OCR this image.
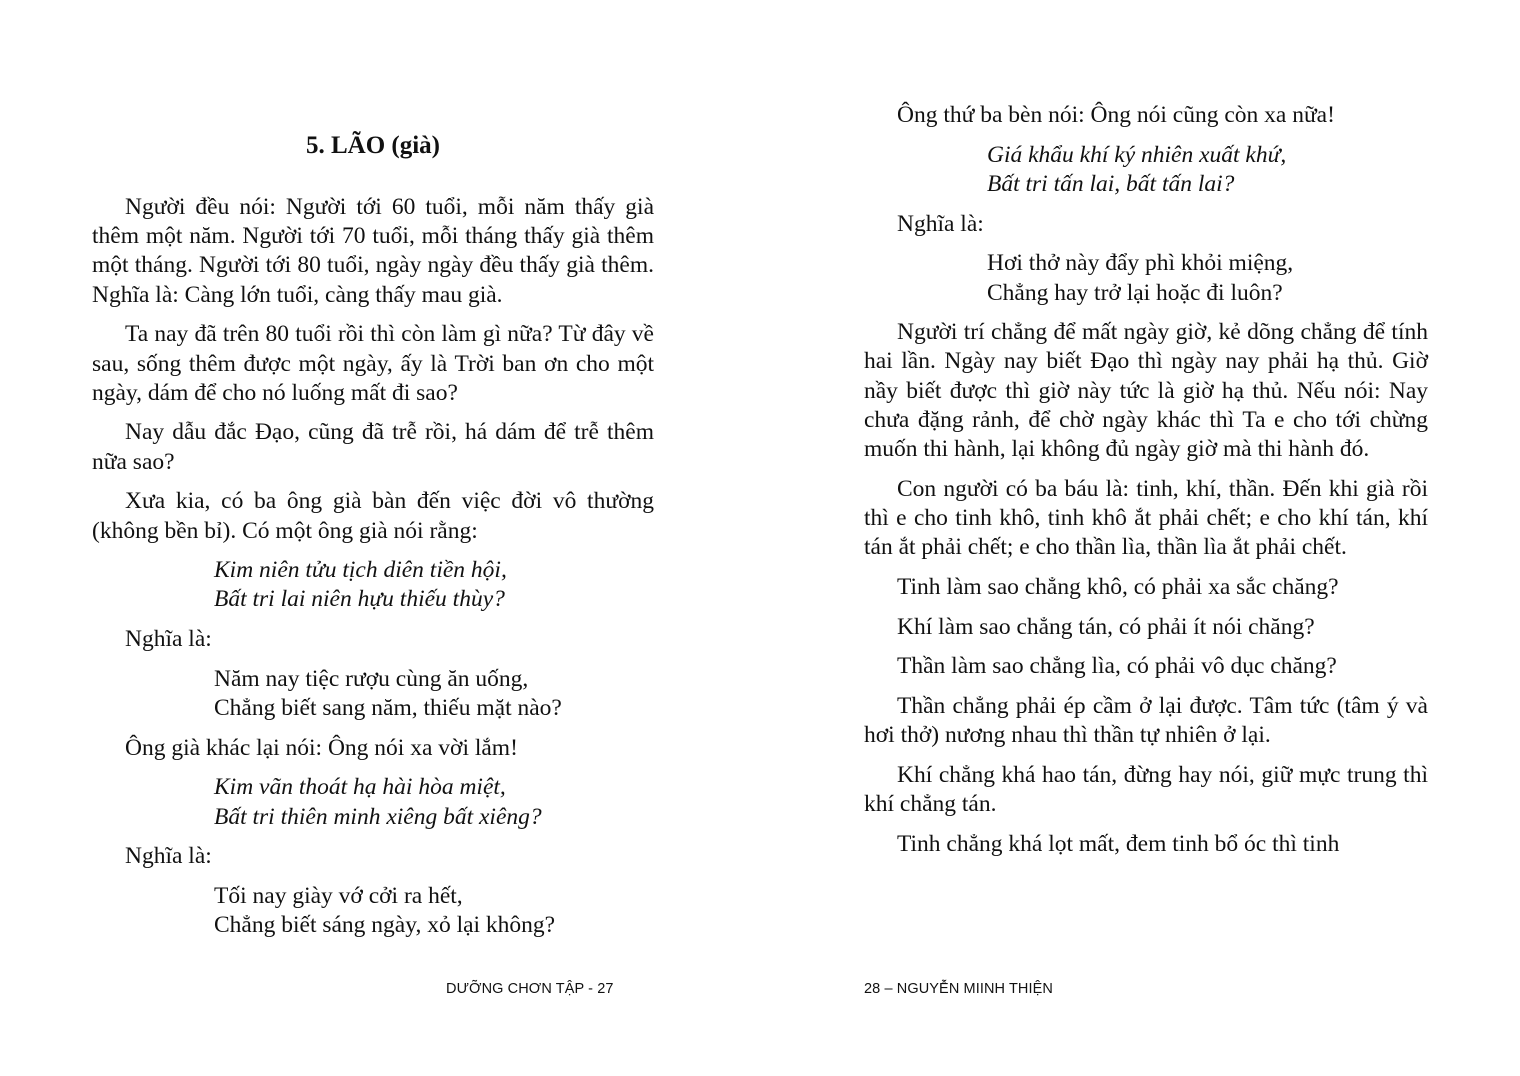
5. LÃO (già)

Người đều nói: Người tới 60 tuổi, mỗi năm thấy già thêm một năm. Người tới 70 tuổi, mỗi tháng thấy già thêm một tháng. Người tới 80 tuổi, ngày ngày đều thấy già thêm. Nghĩa là: Càng lớn tuổi, càng thấy mau già.

Ta nay đã trên 80 tuổi rồi thì còn làm gì nữa? Từ đây về sau, sống thêm được một ngày, ấy là Trời ban ơn cho một ngày, dám để cho nó luống mất đi sao?

Nay dẫu đắc Đạo, cũng đã trễ rồi, há dám để trễ thêm nữa sao?

Xưa kia, có ba ông già bàn đến việc đời vô thường (không bền bỉ). Có một ông già nói rằng:

Kim niên tửu tịch diên tiền hội,
Bất tri lai niên hựu thiếu thùy?

Nghĩa là:

Năm nay tiệc rượu cùng ăn uống,
Chẳng biết sang năm, thiếu mặt nào?

Ông già khác lại nói: Ông nói xa vời lắm!

Kim vãn thoát hạ hài hòa miệt,
Bất tri thiên minh xiêng bất xiêng?

Nghĩa là:

Tối nay giày vớ cởi ra hết,
Chẳng biết sáng ngày, xỏ lại không?

Ông thứ ba bèn nói: Ông nói cũng còn xa nữa!

Giá khẩu khí ký nhiên xuất khứ,
Bất tri tấn lai, bất tấn lai?

Nghĩa là:

Hơi thở này đẩy phì khỏi miệng,
Chẳng hay trở lại hoặc đi luôn?

Người trí chẳng để mất ngày giờ, kẻ dõng chẳng để tính hai lần. Ngày nay biết Đạo thì ngày nay phải hạ thủ. Giờ nầy biết được thì giờ này tức là giờ hạ thủ. Nếu nói: Nay chưa đặng rảnh, để chờ ngày khác thì Ta e cho tới chừng muốn thi hành, lại không đủ ngày giờ mà thi hành đó.

Con người có ba báu là: tinh, khí, thần. Đến khi già rồi thì e cho tinh khô, tinh khô ắt phải chết; e cho khí tán, khí tán ắt phải chết; e cho thần lìa, thần lìa ắt phải chết.

Tinh làm sao chẳng khô, có phải xa sắc chăng?

Khí làm sao chẳng tán, có phải ít nói chăng?

Thần làm sao chẳng lìa, có phải vô dục chăng?

Thần chẳng phải ép cầm ở lại được. Tâm tức (tâm ý và hơi thở) nương nhau thì thần tự nhiên ở lại.

Khí chẳng khá hao tán, đừng hay nói, giữ mực trung thì khí chẳng tán.

Tinh chẳng khá lọt mất, đem tinh bổ óc thì tinh

DƯỠNG CHƠN TẬP - 27	28 – NGUYỄN MIINH THIỆN
